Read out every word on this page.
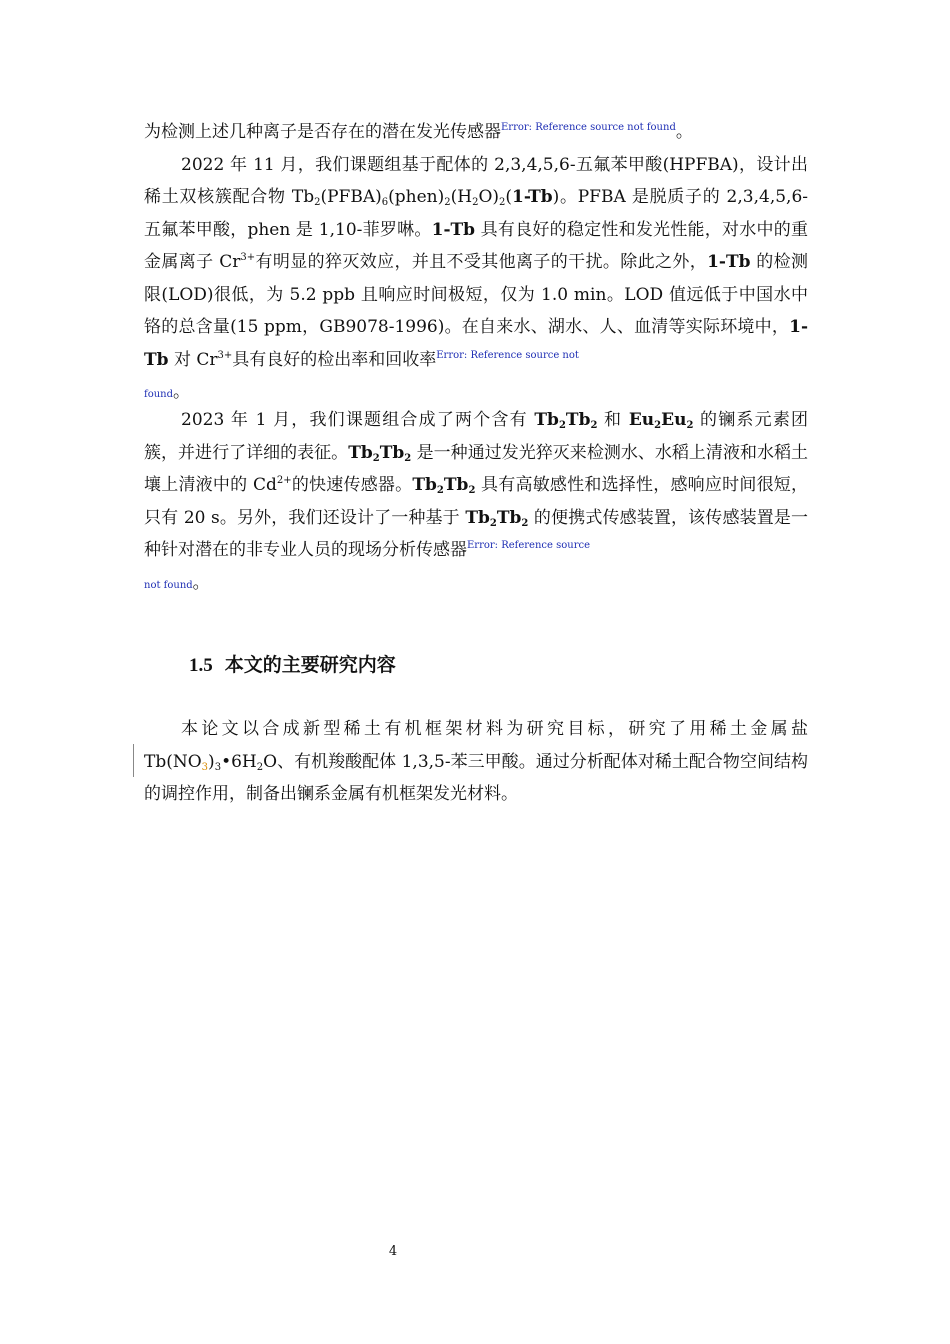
为检测上述几种离子是否存在的潜在发光传感器$^{Error: Reference source not found}$。

2022 年 11 月，我们课题组基于配体的 2,3,4,5,6-五氟苯甲酸(HPFBA)，设计出稀土双核簇配合物 $Tb_2(PFBA)_6(phen)_2(H_2O)_2(1-Tb)$。PFBA 是脱质子的 2,3,4,5,6-五氟苯甲酸，phen 是 1,10-菲罗啉。1-Tb 具有良好的稳定性和发光性能，对水中的重金属离子 $Cr^{3+}$有明显的猝灭效应，并且不受其他离子的干扰。除此之外，1-Tb 的检测限(LOD)很低，为 5.2 ppb 且响应时间极短，仅为 1.0 min。LOD 值远低于中国水中铬的总含量(15 ppm，GB9078-1996)。在自来水、湖水、人、血清等实际环境中，1-Tb 对 $Cr^{3+}$具有良好的检出率和回收率$^{Error: Reference source not}$
found。

2023 年 1 月，我们课题组合成了两个含有 $Tb_2Tb_2$ 和 $Eu_2Eu_2$ 的镧系元素团簇，并进行了详细的表征。$Tb_2Tb_2$ 是一种通过发光猝灭来检测水、水稻上清液和水稻土壤上清液中的 $Cd^{2+}$的快速传感器。$Tb_2Tb_2$ 具有高敏感性和选择性，感响应时间很短，只有 20 s。另外，我们还设计了一种基于 $Tb_2Tb_2$ 的便携式传感装置，该传感装置是一种针对潜在的非专业人员的现场分析传感器$^{Error: Reference source}$
not found。

1.5 本文的主要研究内容

本论文以合成新型稀土有机框架材料为研究目标，研究了用稀土金属盐 $Tb(NO_3)_3•6H_2O$、有机羧酸配体 1,3,5-苯三甲酸。通过分析配体对稀土配合物空间结构的调控作用，制备出镧系金属有机框架发光材料。

4
